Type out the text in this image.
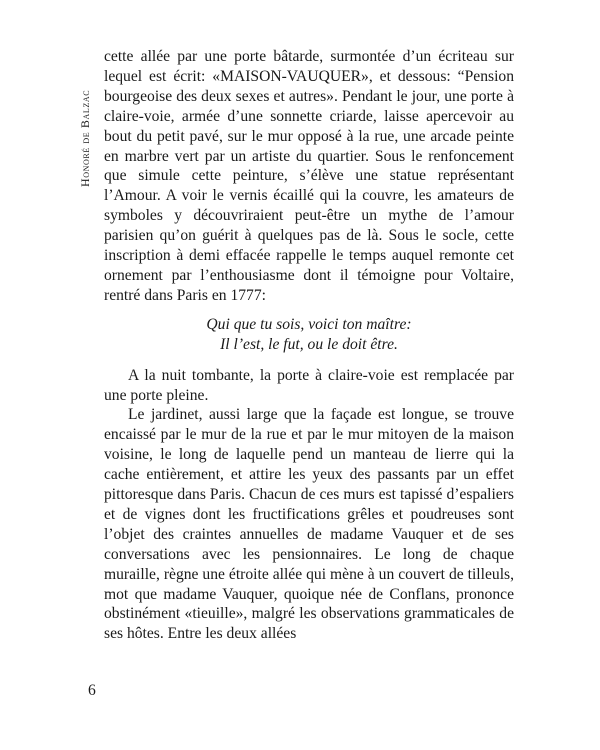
Honoré de Balzac

cette allée par une porte bâtarde, surmontée d’un écriteau sur lequel est écrit: «MAISON-VAUQUER», et dessous: “Pension bourgeoise des deux sexes et autres». Pendant le jour, une porte à claire-voie, armée d’une sonnette criarde, laisse apercevoir au bout du petit pavé, sur le mur opposé à la rue, une arcade peinte en marbre vert par un artiste du quartier. Sous le renfoncement que simule cette peinture, s’élève une statue représentant l’Amour. A voir le vernis écaillé qui la couvre, les amateurs de symboles y découvriraient peut-être un mythe de l’amour parisien qu’on guérit à quelques pas de là. Sous le socle, cette inscription à demi effacée rappelle le temps auquel remonte cet ornement par l’enthousiasme dont il témoigne pour Voltaire, rentré dans Paris en 1777:

Qui que tu sois, voici ton maître:
Il l’est, le fut, ou le doit être.

A la nuit tombante, la porte à claire-voie est remplacée par une porte pleine.

Le jardinet, aussi large que la façade est longue, se trouve encaissé par le mur de la rue et par le mur mitoyen de la maison voisine, le long de laquelle pend un manteau de lierre qui la cache entièrement, et attire les yeux des passants par un effet pittoresque dans Paris. Chacun de ces murs est tapissé d’espaliers et de vignes dont les fructifications grêles et poudreuses sont l’objet des craintes annuelles de madame Vauquer et de ses conversations avec les pensionnaires. Le long de chaque muraille, règne une étroite allée qui mène à un couvert de tilleuls, mot que madame Vauquer, quoique née de Conflans, prononce obstinément «tieuille», malgré les observations grammaticales de ses hôtes. Entre les deux allées

6
